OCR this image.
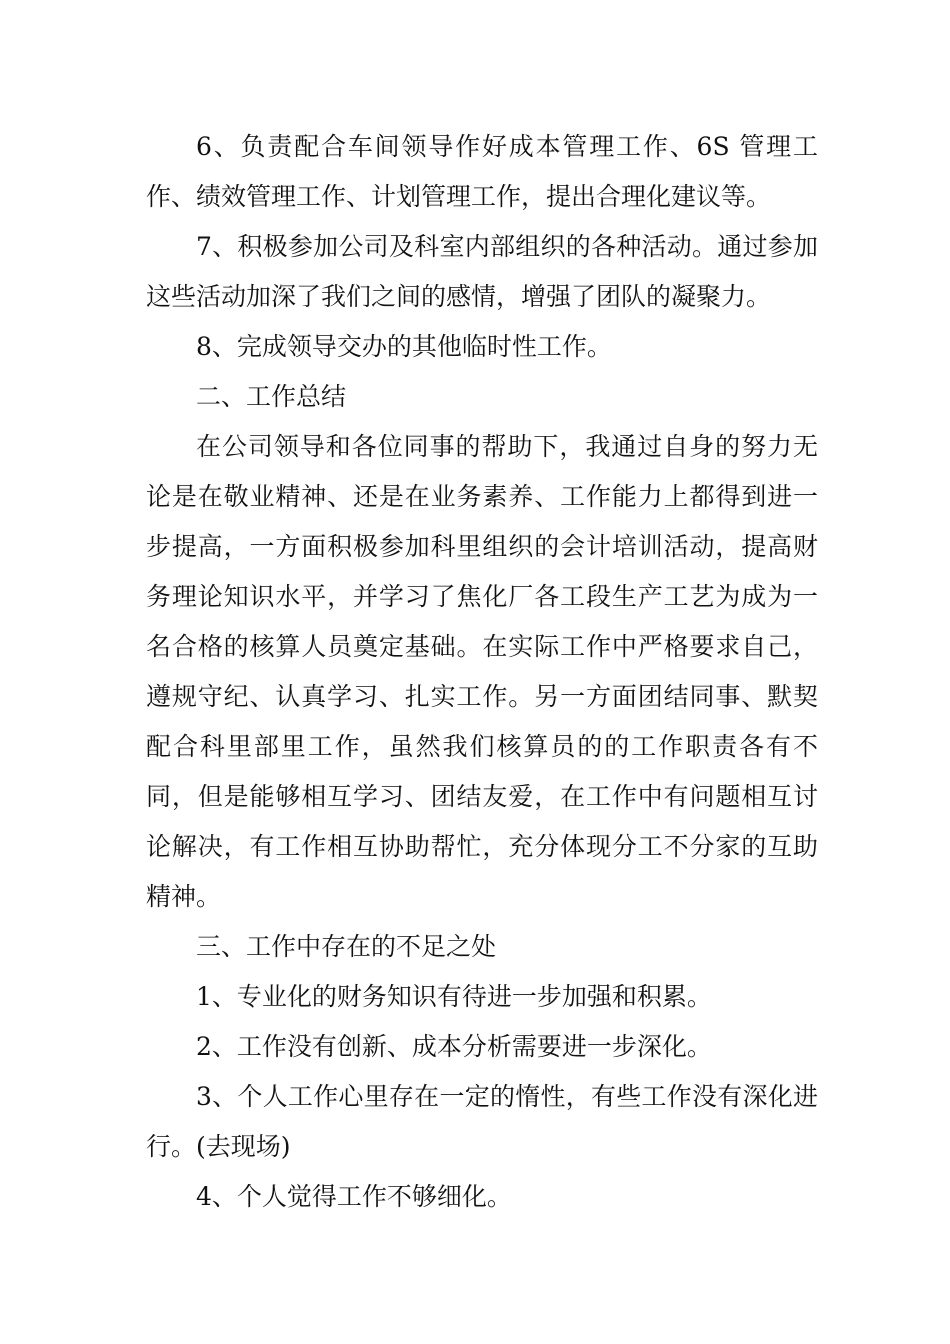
6、负责配合车间领导作好成本管理工作、6S 管理工作、绩效管理工作、计划管理工作，提出合理化建议等。

7、积极参加公司及科室内部组织的各种活动。通过参加这些活动加深了我们之间的感情，增强了团队的凝聚力。

8、完成领导交办的其他临时性工作。

二、工作总结

在公司领导和各位同事的帮助下，我通过自身的努力无论是在敬业精神、还是在业务素养、工作能力上都得到进一步提高，一方面积极参加科里组织的会计培训活动，提高财务理论知识水平，并学习了焦化厂各工段生产工艺为成为一名合格的核算人员奠定基础。在实际工作中严格要求自己，遵规守纪、认真学习、扎实工作。另一方面团结同事、默契配合科里部里工作，虽然我们核算员的的工作职责各有不同，但是能够相互学习、团结友爱，在工作中有问题相互讨论解决，有工作相互协助帮忙，充分体现分工不分家的互助精神。

三、工作中存在的不足之处

1、专业化的财务知识有待进一步加强和积累。

2、工作没有创新、成本分析需要进一步深化。

3、个人工作心里存在一定的惰性，有些工作没有深化进行。(去现场)

4、个人觉得工作不够细化。
